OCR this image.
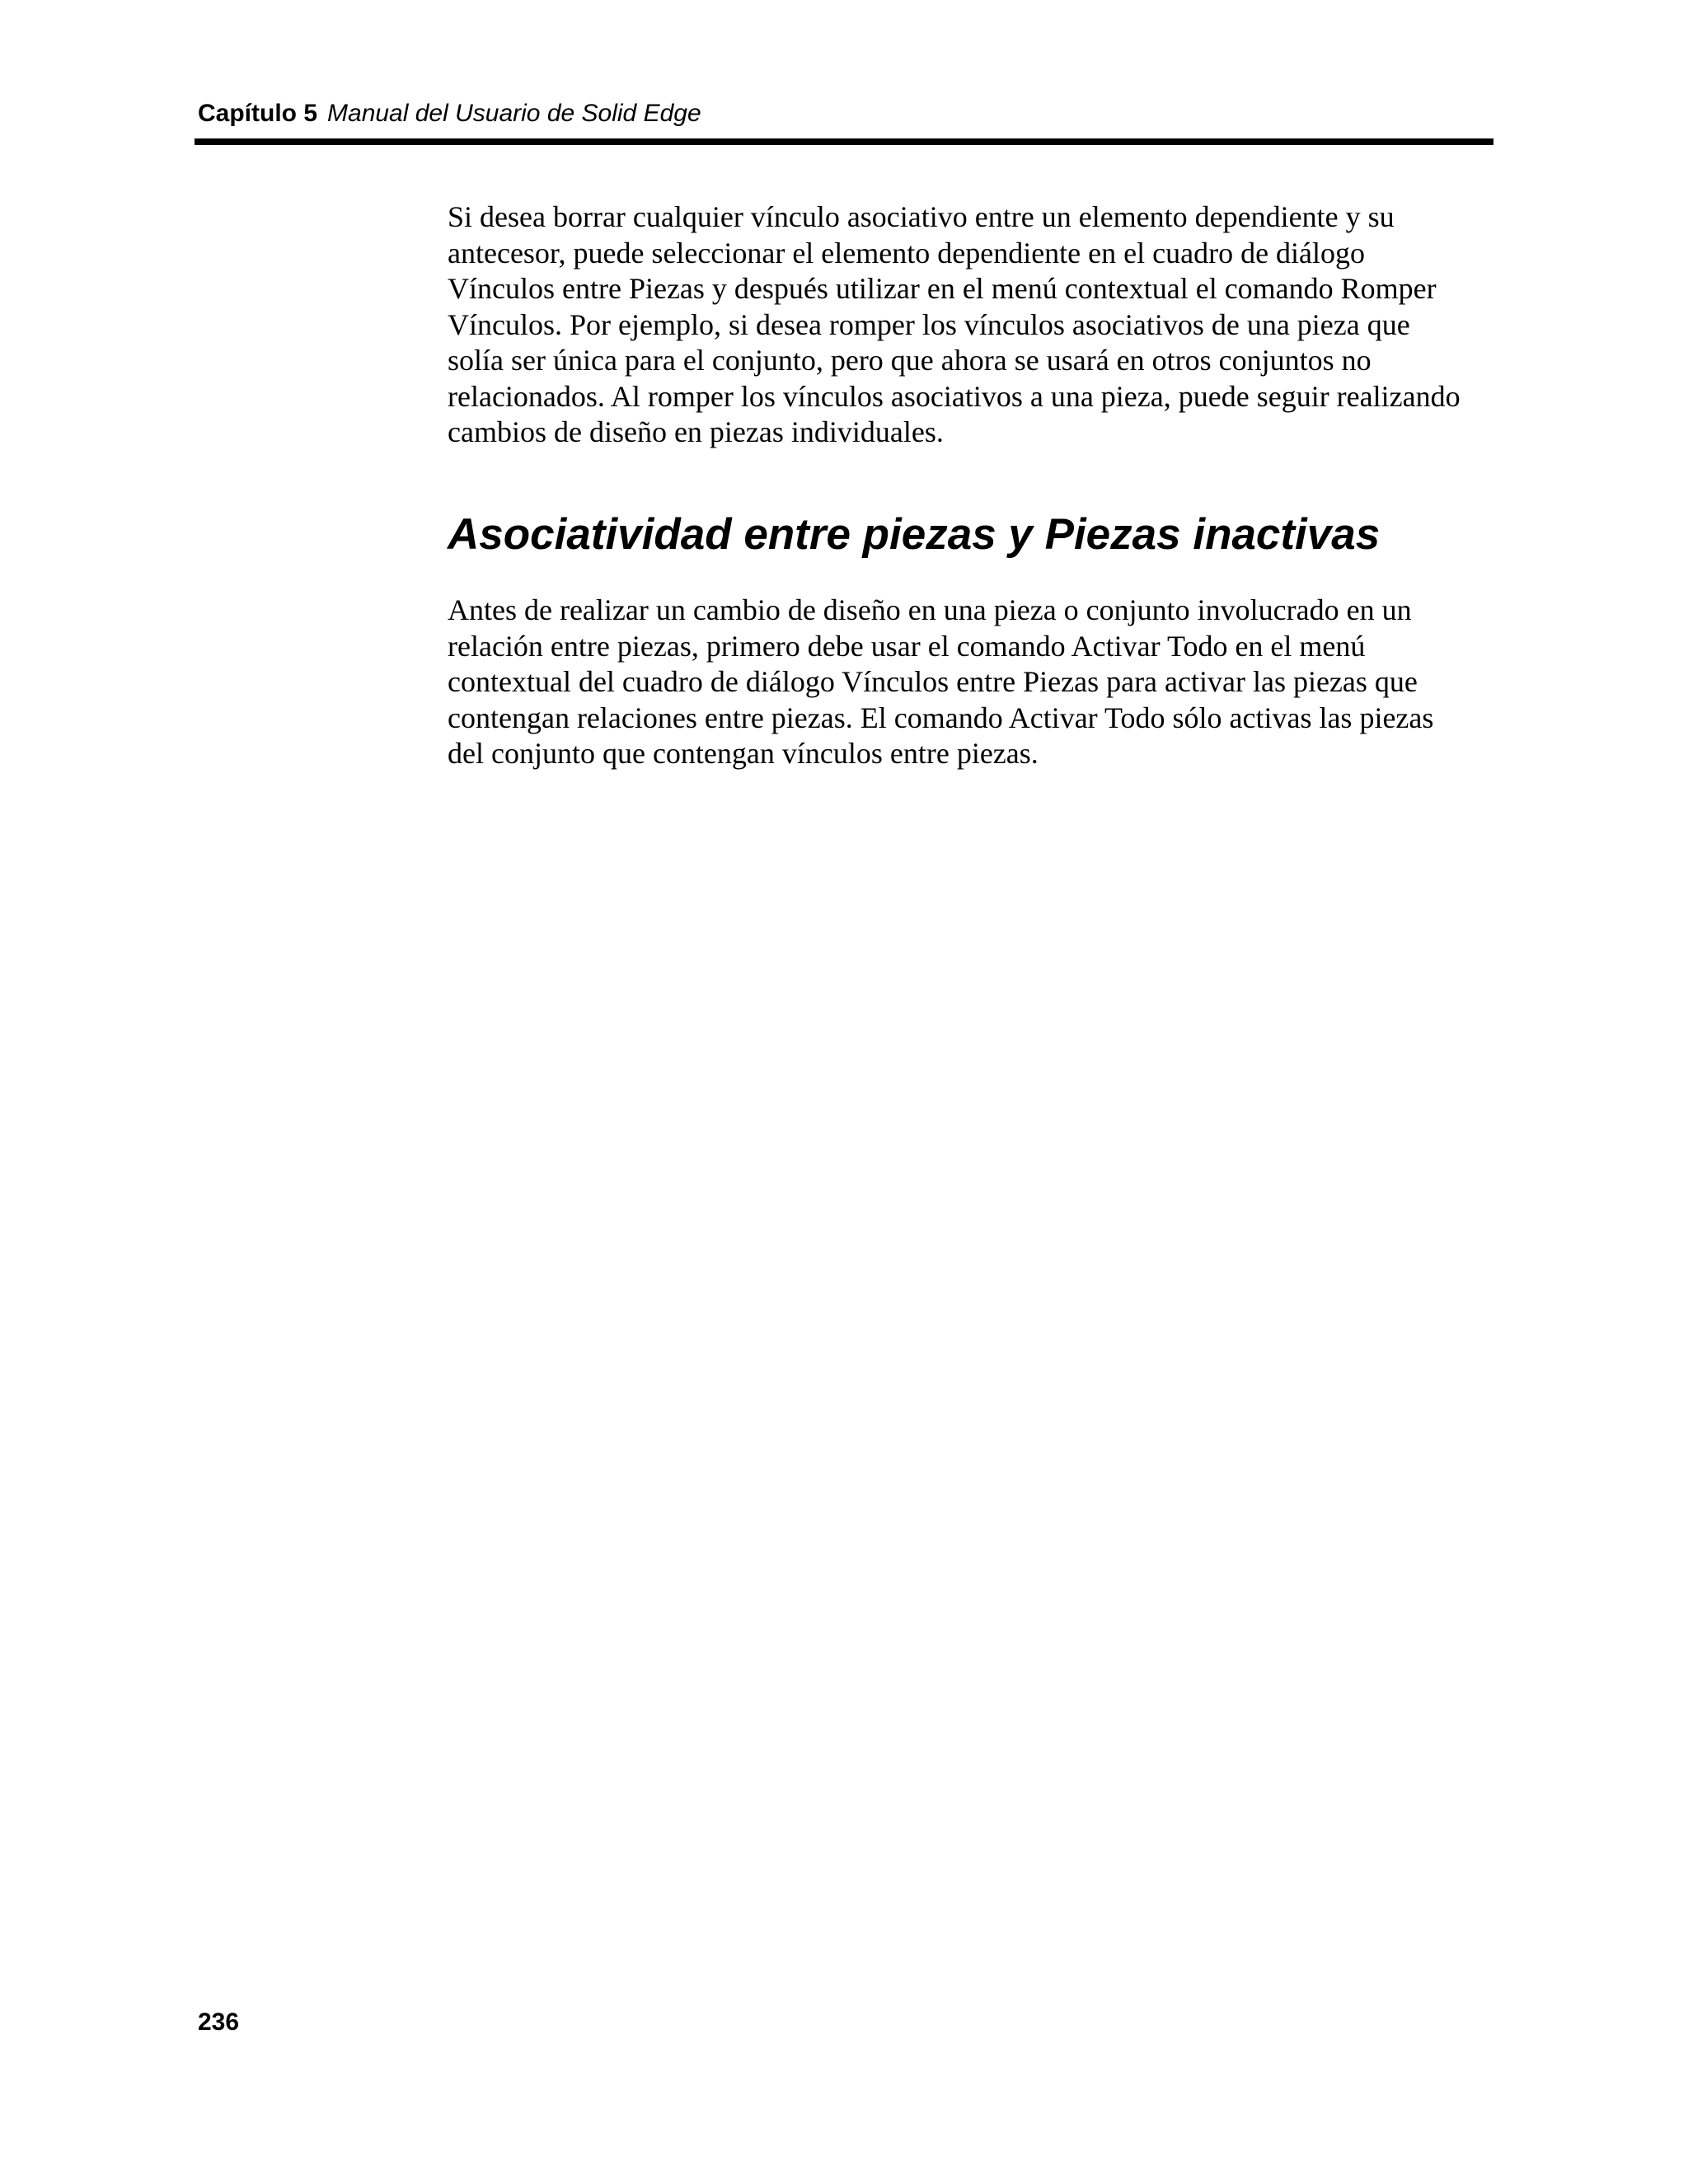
Capítulo 5 Manual del Usuario de Solid Edge

Si desea borrar cualquier vínculo asociativo entre un elemento dependiente y su
antecesor, puede seleccionar el elemento dependiente en el cuadro de diálogo
Vínculos entre Piezas y después utilizar en el menú contextual el comando Romper
Vínculos. Por ejemplo, si desea romper los vínculos asociativos de una pieza que
solía ser única para el conjunto, pero que ahora se usará en otros conjuntos no
relacionados. Al romper los vínculos asociativos a una pieza, puede seguir realizando
cambios de diseño en piezas individuales.

Asociatividad entre piezas y Piezas inactivas

Antes de realizar un cambio de diseño en una pieza o conjunto involucrado en un
relación entre piezas, primero debe usar el comando Activar Todo en el menú
contextual del cuadro de diálogo Vínculos entre Piezas para activar las piezas que
contengan relaciones entre piezas. El comando Activar Todo sólo activas las piezas
del conjunto que contengan vínculos entre piezas.

236
